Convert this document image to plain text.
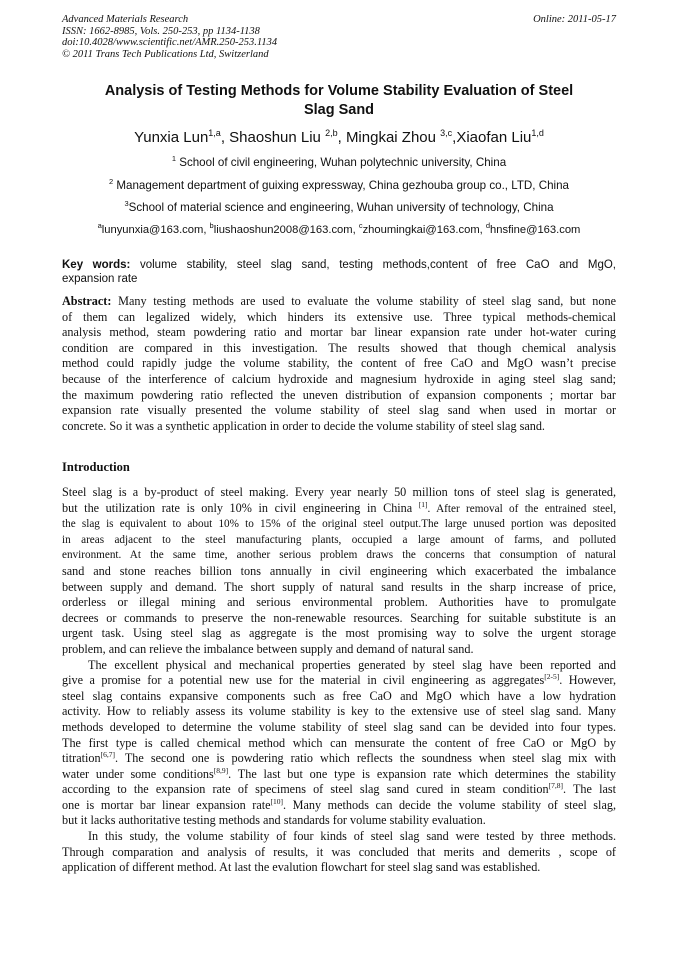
Advanced Materials Research
ISSN: 1662-8985, Vols. 250-253, pp 1134-1138
doi:10.4028/www.scientific.net/AMR.250-253.1134
© 2011 Trans Tech Publications Ltd, Switzerland
Online: 2011-05-17
Analysis of Testing Methods for Volume Stability Evaluation of Steel
Slag Sand
Yunxia Lun$^{1,a}$, Shaoshun Liu $^{2,b}$, Mingkai Zhou $^{3,c}$,Xiaofan Liu$^{1,d}$
$^1$ School of civil engineering, Wuhan polytechnic university, China
$^2$ Management department of guixing expressway, China gezhouba group co., LTD, China
$^3$School of material science and engineering, Wuhan university of technology, China
$^a$lunyunxia@163.com, $^b$liushaoshun2008@163.com, $^c$zhoumingkai@163.com, $^d$hnsfine@163.com
Key words: volume stability, steel slag sand, testing methods,content of free CaO and MgO,
expansion rate
Abstract: Many testing methods are used to evaluate the volume stability of steel slag sand, but none
of them can legalized widely, which hinders its extensive use. Three typical methods-chemical
analysis method, steam powdering ratio and mortar bar linear expansion rate under hot-water curing
condition are compared in this investigation. The results showed that though chemical analysis
method could rapidly judge the volume stability, the content of free CaO and MgO wasn’t precise
because of the interference of calcium hydroxide and magnesium hydroxide in aging steel slag sand;
the maximum powdering ratio reflected the uneven distribution of expansion components ; mortar bar
expansion rate visually presented the volume stability of steel slag sand when used in mortar or
concrete. So it was a synthetic application in order to decide the volume stability of steel slag sand.
Introduction
Steel slag is a by-product of steel making. Every year nearly 50 million tons of steel slag is generated,
but the utilization rate is only 10% in civil engineering in China [1]. After removal of the entrained steel,
the slag is equivalent to about 10% to 15% of the original steel output.The large unused portion was deposited
in areas adjacent to the steel manufacturing plants, occupied a large amount of farms, and polluted
environment. At the same time, another serious problem draws the concerns that consumption of natural
sand and stone reaches billion tons annually in civil engineering which exacerbated the imbalance
between supply and demand. The short supply of natural sand results in the sharp increase of price,
orderless or illegal mining and serious environmental problem. Authorities have to promulgate
decrees or commands to preserve the non-renewable resources. Searching for suitable substitute is an
urgent task. Using steel slag as aggregate is the most promising way to solve the urgent storage
problem, and can relieve the imbalance between supply and demand of natural sand.
The excellent physical and mechanical properties generated by steel slag have been reported and
give a promise for a potential new use for the material in civil engineering as aggregates[2-5]. However,
steel slag contains expansive components such as free CaO and MgO which have a low hydration
activity. How to reliably assess its volume stability is key to the extensive use of steel slag sand. Many
methods developed to determine the volume stability of steel slag sand can be devided into four types.
The first type is called chemical method which can mensurate the content of free CaO or MgO by
titration[6,7]. The second one is powdering ratio which reflects the soundness when steel slag mix with
water under some conditions[8,9]. The last but one type is expansion rate which determines the stability
according to the expansion rate of specimens of steel slag sand cured in steam condition[7,8]. The last
one is mortar bar linear expansion rate[10]. Many methods can decide the volume stability of steel slag,
but it lacks authoritative testing methods and standards for volume stability evaluation.
In this study, the volume stability of four kinds of steel slag sand were tested by three methods.
Through comparation and analysis of results, it was concluded that merits and demerits , scope of
application of different method. At last the evalution flowchart for steel slag sand was established.
